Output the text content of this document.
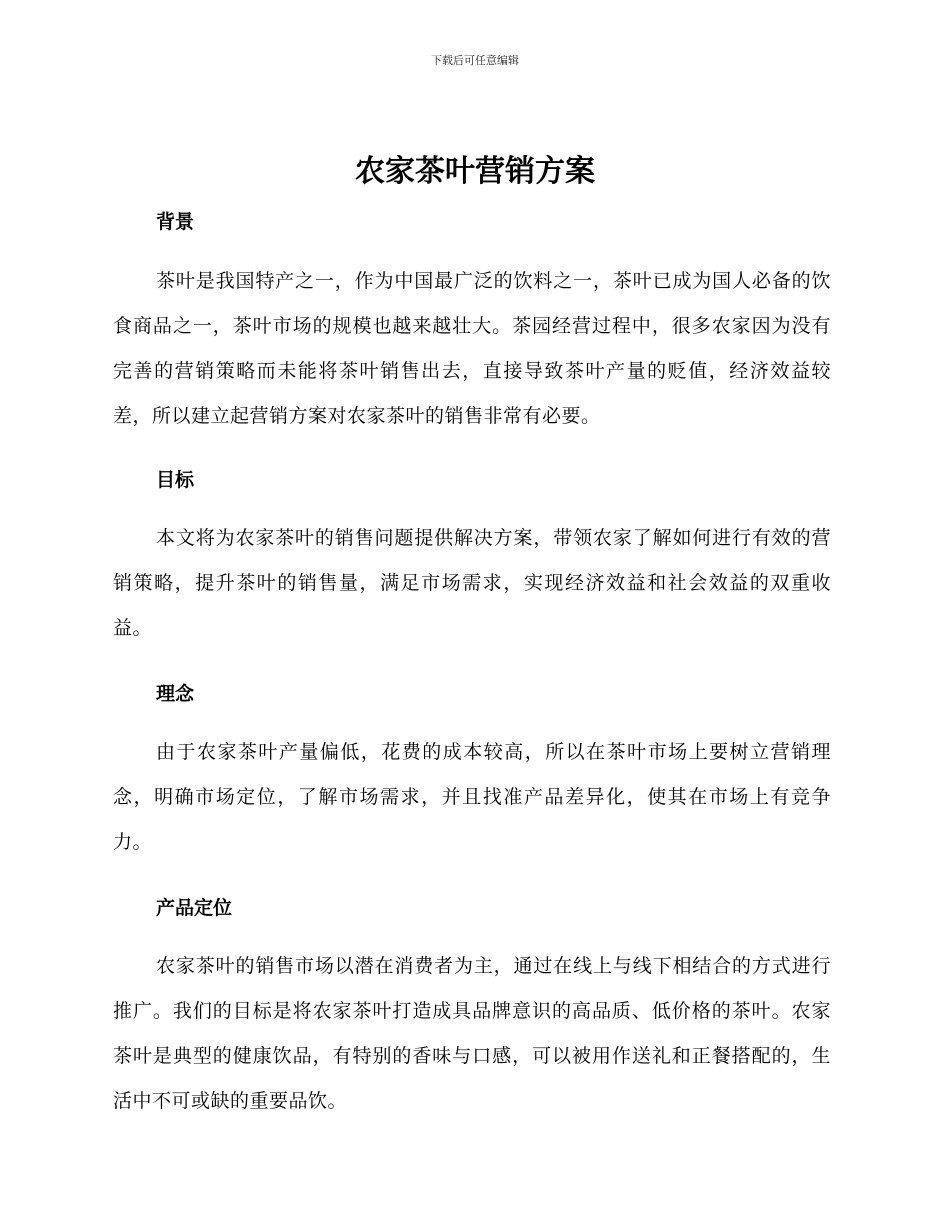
下载后可任意编辑
农家茶叶营销方案
背景

茶叶是我国特产之一，作为中国最广泛的饮料之一，茶叶已成为国人必备的饮食商品之一，茶叶市场的规模也越来越壮大。茶园经营过程中，很多农家因为没有完善的营销策略而未能将茶叶销售出去，直接导致茶叶产量的贬值，经济效益较差，所以建立起营销方案对农家茶叶的销售非常有必要。

目标

本文将为农家茶叶的销售问题提供解决方案，带领农家了解如何进行有效的营销策略，提升茶叶的销售量，满足市场需求，实现经济效益和社会效益的双重收益。

理念

由于农家茶叶产量偏低，花费的成本较高，所以在茶叶市场上要树立营销理念，明确市场定位，了解市场需求，并且找准产品差异化，使其在市场上有竞争力。

产品定位

农家茶叶的销售市场以潜在消费者为主，通过在线上与线下相结合的方式进行推广。我们的目标是将农家茶叶打造成具品牌意识的高品质、低价格的茶叶。农家茶叶是典型的健康饮品，有特别的香味与口感，可以被用作送礼和正餐搭配的，生活中不可或缺的重要品饮。
